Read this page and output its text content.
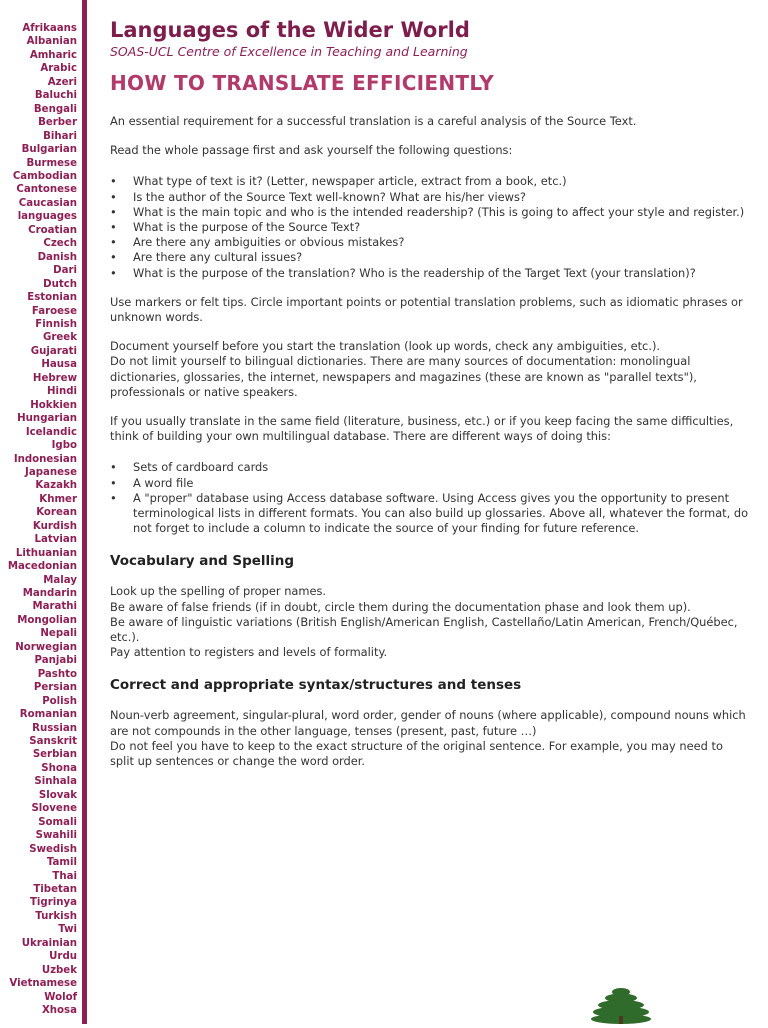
Afrikaans
Albanian
Amharic
Arabic
Azeri
Baluchi
Bengali
Berber
Bihari
Bulgarian
Burmese
Cambodian
Cantonese
Caucasian
languages
Croatian
Czech
Danish
Dari
Dutch
Estonian
Faroese
Finnish
Greek
Gujarati
Hausa
Hebrew
Hindi
Hokkien
Hungarian
Icelandic
Igbo
Indonesian
Japanese
Kazakh
Khmer
Korean
Kurdish
Latvian
Lithuanian
Macedonian
Malay
Mandarin
Marathi
Mongolian
Nepali
Norwegian
Panjabi
Pashto
Persian
Polish
Romanian
Russian
Sanskrit
Serbian
Shona
Sinhala
Slovak
Slovene
Somali
Swahili
Swedish
Tamil
Thai
Tibetan
Tigrinya
Turkish
Twi
Ukrainian
Urdu
Uzbek
Vietnamese
Wolof
Xhosa
Languages of the Wider World

SOAS-UCL Centre of Excellence in Teaching and Learning

HOW TO TRANSLATE EFFICIENTLY

An essential requirement for a successful translation is a careful analysis of the Source Text.

Read the whole passage first and ask yourself the following questions:

• What type of text is it? (Letter, newspaper article, extract from a book, etc.)
• Is the author of the Source Text well-known? What are his/her views?
• What is the main topic and who is the intended readership? (This is going to affect your style and register.)
• What is the purpose of the Source Text?
• Are there any ambiguities or obvious mistakes?
• Are there any cultural issues?
• What is the purpose of the translation? Who is the readership of the Target Text (your translation)?

Use markers or felt tips. Circle important points or potential translation problems, such as idiomatic phrases or unknown words.

Document yourself before you start the translation (look up words, check any ambiguities, etc.).

Do not limit yourself to bilingual dictionaries. There are many sources of documentation: monolingual dictionaries, glossaries, the internet, newspapers and magazines (these are known as "parallel texts"), professionals or native speakers.

If you usually translate in the same field (literature, business, etc.) or if you keep facing the same difficulties, think of building your own multilingual database. There are different ways of doing this:

• Sets of cardboard cards
• A word file
• A "proper" database using Access database software. Using Access gives you the opportunity to present terminological lists in different formats. You can also build up glossaries. Above all, whatever the format, do not forget to include a column to indicate the source of your finding for future reference.
Vocabulary and Spelling

Look up the spelling of proper names.

Be aware of false friends (if in doubt, circle them during the documentation phase and look them up).

Be aware of linguistic variations (British English/American English, Castellaño/Latin American, French/Québec, etc.).

Pay attention to registers and levels of formality.

Correct and appropriate syntax/structures and tenses

Noun-verb agreement, singular-plural, word order, gender of nouns (where applicable), compound nouns which are not compounds in the other language, tenses (present, past, future …)

Do not feel you have to keep to the exact structure of the original sentence. For example, you may need to split up sentences or change the word order.
